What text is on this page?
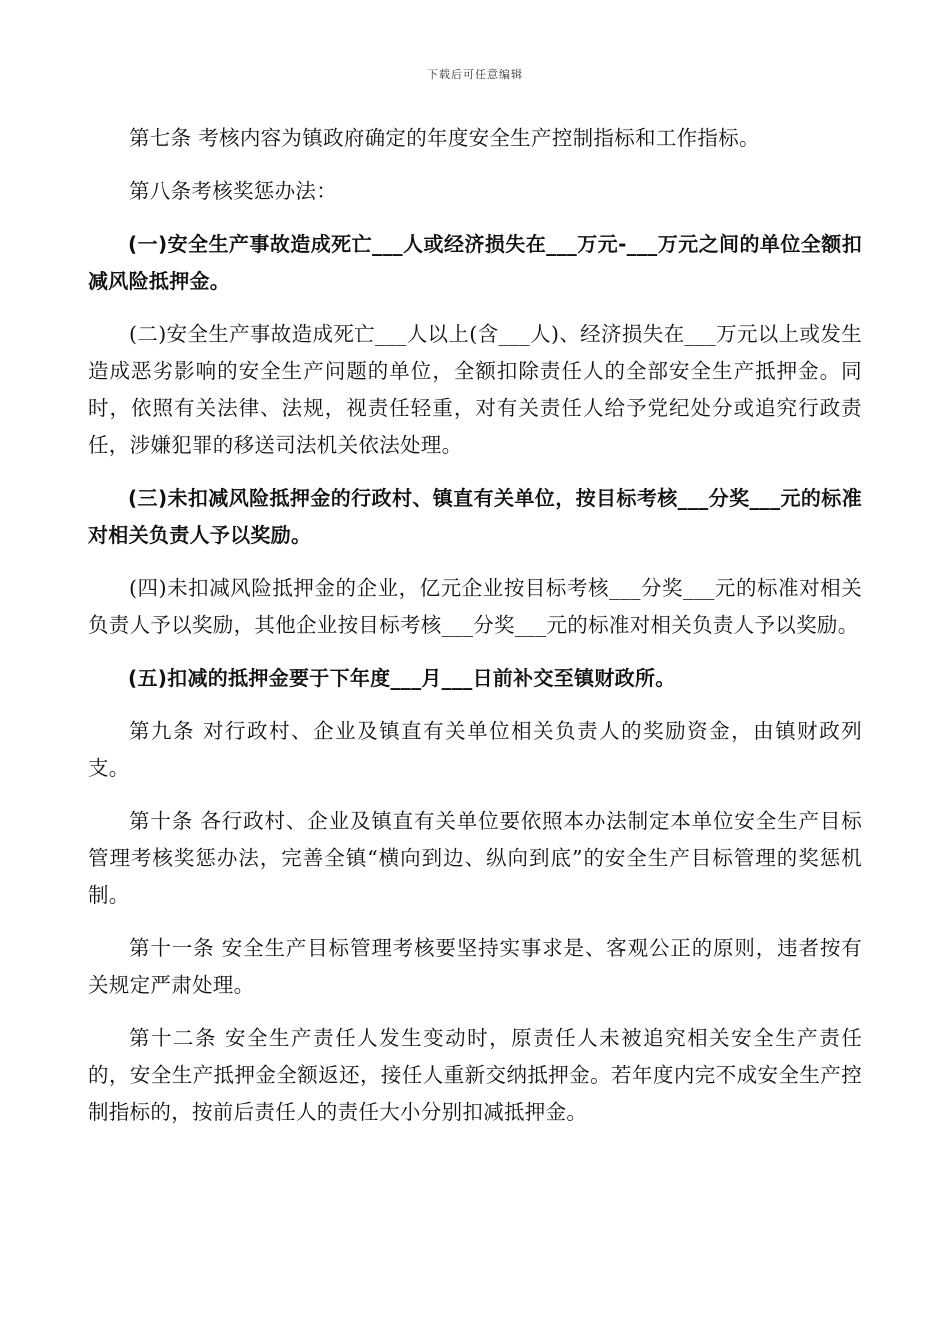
下载后可任意编辑

第七条 考核内容为镇政府确定的年度安全生产控制指标和工作指标。

第八条考核奖惩办法：

(一)安全生产事故造成死亡___人或经济损失在___万元-___万元之间的单位全额扣减风险抵押金。

(二)安全生产事故造成死亡___人以上(含___人)、经济损失在___万元以上或发生造成恶劣影响的安全生产问题的单位，全额扣除责任人的全部安全生产抵押金。同时，依照有关法律、法规，视责任轻重，对有关责任人给予党纪处分或追究行政责任，涉嫌犯罪的移送司法机关依法处理。

(三)未扣减风险抵押金的行政村、镇直有关单位，按目标考核___分奖___元的标准对相关负责人予以奖励。

(四)未扣减风险抵押金的企业，亿元企业按目标考核___分奖___元的标准对相关负责人予以奖励，其他企业按目标考核___分奖___元的标准对相关负责人予以奖励。

(五)扣减的抵押金要于下年度___月___日前补交至镇财政所。

第九条 对行政村、企业及镇直有关单位相关负责人的奖励资金，由镇财政列支。

第十条 各行政村、企业及镇直有关单位要依照本办法制定本单位安全生产目标管理考核奖惩办法，完善全镇“横向到边、纵向到底”的安全生产目标管理的奖惩机制。

第十一条 安全生产目标管理考核要坚持实事求是、客观公正的原则，违者按有关规定严肃处理。

第十二条 安全生产责任人发生变动时，原责任人未被追究相关安全生产责任的，安全生产抵押金全额返还，接任人重新交纳抵押金。若年度内完不成安全生产控制指标的，按前后责任人的责任大小分别扣减抵押金。
